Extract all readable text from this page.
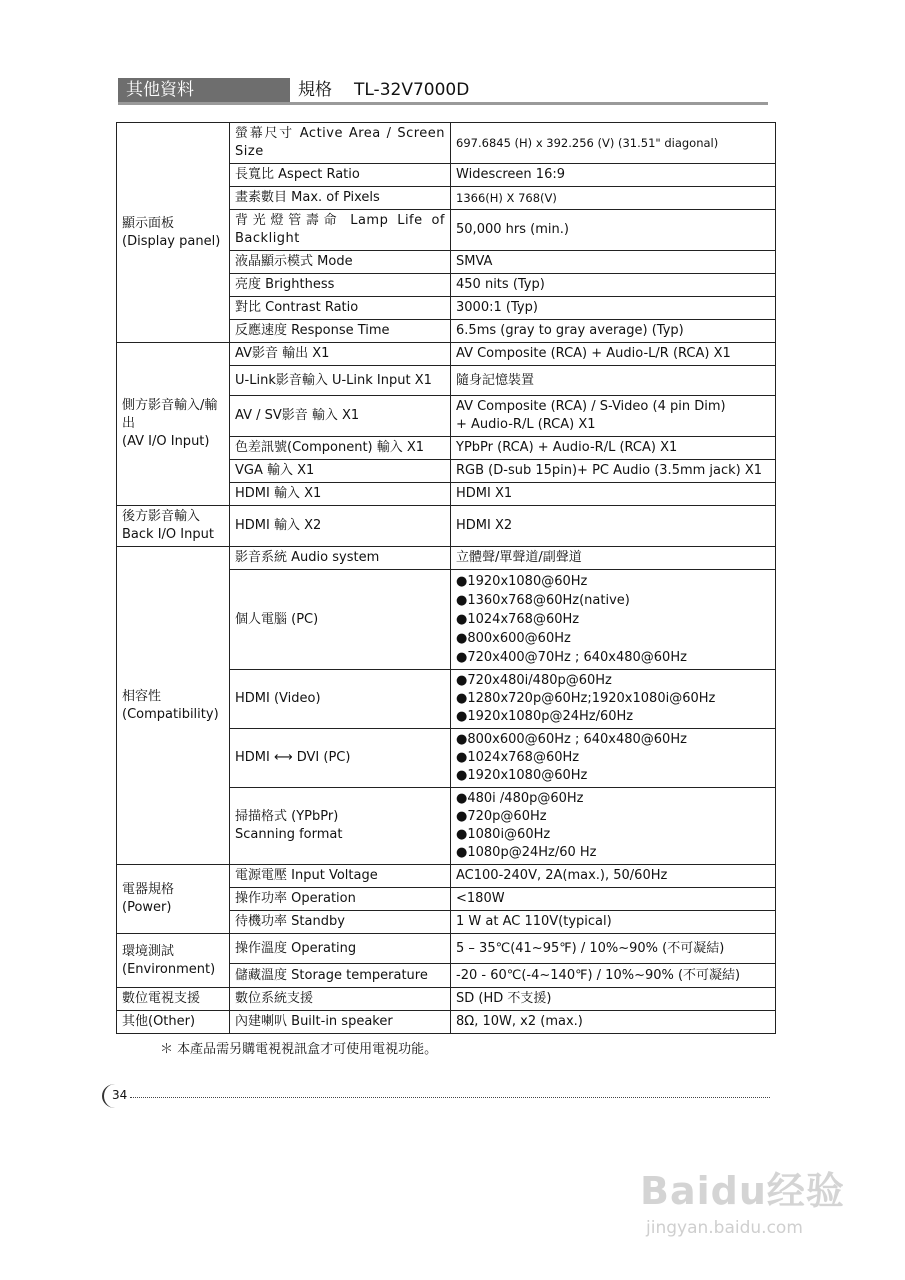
其他資料	規格 TL-32V7000D
顯示面板
(Display panel)	螢幕尺寸 Active Area / Screen Size	697.6845 (H) x 392.256 (V) (31.51" diagonal)
	長寬比 Aspect Ratio	Widescreen 16:9
	畫素數目 Max. of Pixels	1366(H) X 768(V)
	背光燈管壽命 Lamp Life of Backlight	50,000 hrs (min.)
	液晶顯示模式 Mode	SMVA
	亮度 Brighthess	450 nits (Typ)
	對比 Contrast Ratio	3000:1 (Typ)
	反應速度 Response Time	6.5ms (gray to gray average) (Typ)
側方影音輸入/輸出
(AV I/O Input)	AV影音 輸出 X1	AV Composite (RCA) + Audio-L/R (RCA) X1
	U-Link影音輸入 U-Link Input X1	隨身記憶裝置
	AV / SV影音 輸入 X1	AV Composite (RCA) / S-Video (4 pin Dim)
+ Audio-R/L (RCA) X1

	色差訊號(Component) 輸入 X1	YPbPr (RCA) + Audio-R/L (RCA) X1
	VGA 輸入 X1	RGB (D-sub 15pin)+ PC Audio (3.5mm jack) X1
	HDMI 輸入 X1	HDMI X1

後方影音輸入
Back I/O Input	HDMI 輸入 X2	HDMI X2

相容性
(Compatibility)	影音系統 Audio system	立體聲/單聲道/副聲道
	個人電腦 (PC)	●1920x1080@60Hz
●1360x768@60Hz(native)
●1024x768@60Hz
●800x600@60Hz
●720x400@70Hz ; 640x480@60Hz

	HDMI (Video)	●720x480i/480p@60Hz
●1280x720p@60Hz;1920x1080i@60Hz
●1920x1080p@24Hz/60Hz

	HDMI ⟷ DVI (PC)	●800x600@60Hz ; 640x480@60Hz
●1024x768@60Hz
●1920x1080@60Hz

	掃描格式 (YPbPr)
Scanning format	●480i /480p@60Hz
●720p@60Hz
●1080i@60Hz
●1080p@24Hz/60 Hz

電器規格
(Power)	電源電壓 Input Voltage	AC100-240V, 2A(max.), 50/60Hz
	操作功率 Operation	<180W
	待機功率 Standby	1 W at AC 110V(typical)

環境測試
(Environment)	操作溫度 Operating	5 – 35℃(41~95℉) / 10%~90% (不可凝結)
	儲藏溫度 Storage temperature	-20 - 60℃(-4~140℉) / 10%~90% (不可凝結)
數位電視支援	數位系統支援	SD (HD 不支援)
其他(Other)	內建喇叭 Built-in speaker	8Ω, 10W, x2 (max.)
＊ 本產品需另購電視視訊盒才可使用電視功能。
34
Baidu经验
jingyan.baidu.com
